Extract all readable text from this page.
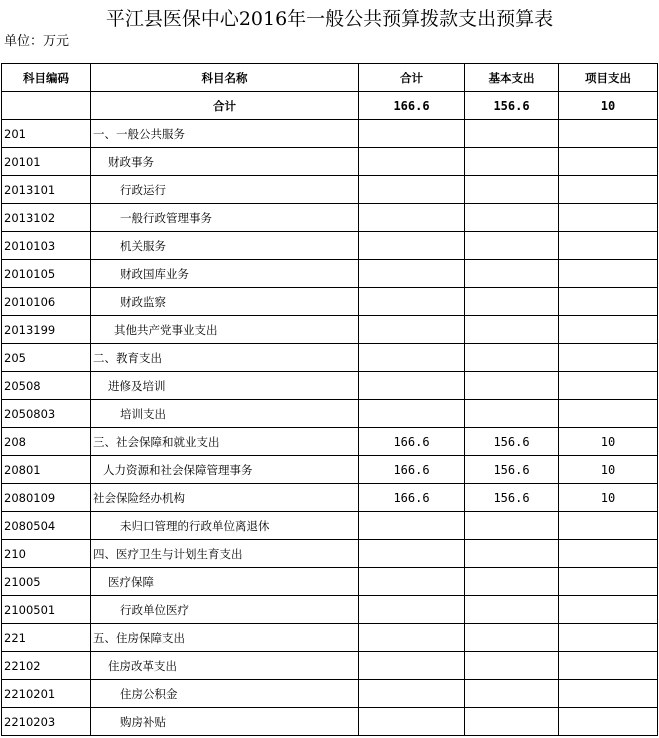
平江县医保中心2016年一般公共预算拨款支出预算表
单位：万元
科目编码	科目名称	合计	基本支出	项目支出
	合计	166.6	156.6	10
201	一、一般公共服务			
20101	财政事务			
2013101	行政运行			
2013102	一般行政管理事务			
2010103	机关服务			
2010105	财政国库业务			
2010106	财政监察			
2013199	其他共产党事业支出			
205	二、教育支出			
20508	进修及培训			
2050803	培训支出			
208	三、社会保障和就业支出	166.6	156.6	10
20801	人力资源和社会保障管理事务	166.6	156.6	10
2080109	社会保险经办机构	166.6	156.6	10
2080504	未归口管理的行政单位离退休			
210	四、医疗卫生与计划生育支出			
21005	医疗保障			
2100501	行政单位医疗			
221	五、住房保障支出			
22102	住房改革支出			
2210201	住房公积金			
2210203	购房补贴			
